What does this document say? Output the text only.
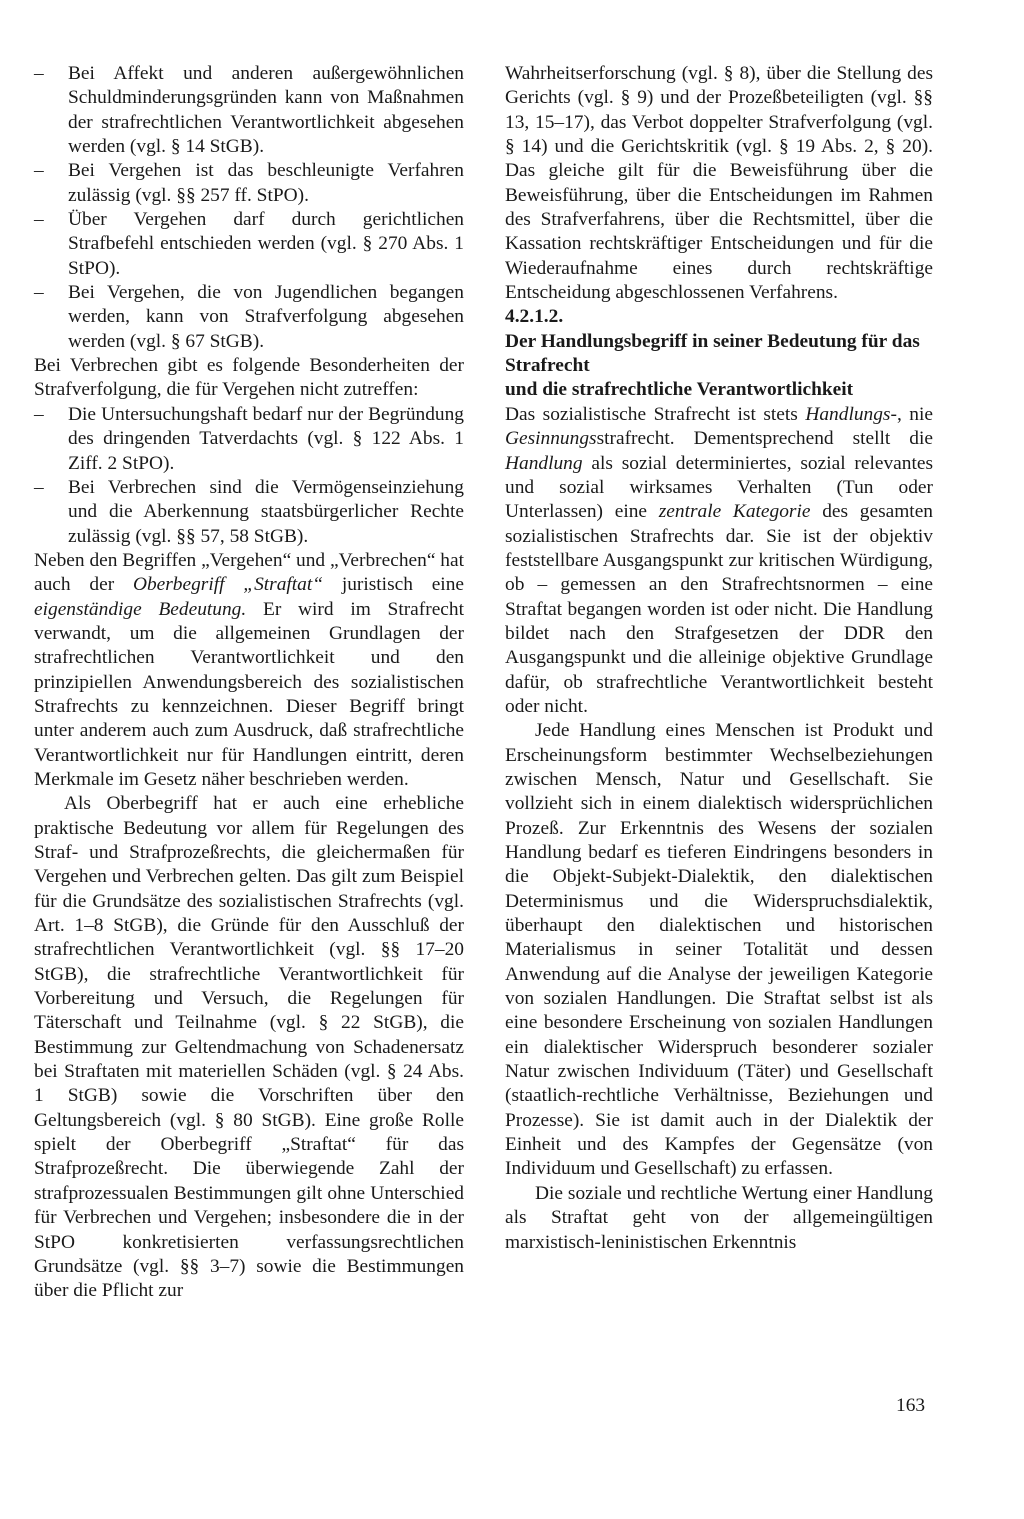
– Bei Affekt und anderen außergewöhnlichen Schuldminderungsgründen kann von Maßnahmen der strafrechtlichen Verantwortlichkeit abgesehen werden (vgl. § 14 StGB).

– Bei Vergehen ist das beschleunigte Verfahren zulässig (vgl. §§ 257 ff. StPO).

– Über Vergehen darf durch gerichtlichen Strafbefehl entschieden werden (vgl. § 270 Abs. 1 StPO).

– Bei Vergehen, die von Jugendlichen begangen werden, kann von Strafverfolgung abgesehen werden (vgl. § 67 StGB).

Bei Verbrechen gibt es folgende Besonderheiten der Strafverfolgung, die für Vergehen nicht zutreffen:

– Die Untersuchungshaft bedarf nur der Begründung des dringenden Tatverdachts (vgl. § 122 Abs. 1 Ziff. 2 StPO).

– Bei Verbrechen sind die Vermögenseinziehung und die Aberkennung staatsbürgerlicher Rechte zulässig (vgl. §§ 57, 58 StGB).

Neben den Begriffen „Vergehen“ und „Verbrechen“ hat auch der Oberbegriff „Straftat“ juristisch eine eigenständige Bedeutung. Er wird im Strafrecht verwandt, um die allgemeinen Grundlagen der strafrechtlichen Verantwortlichkeit und den prinzipiellen Anwendungsbereich des sozialistischen Strafrechts zu kennzeichnen. Dieser Begriff bringt unter anderem auch zum Ausdruck, daß strafrechtliche Verantwortlichkeit nur für Handlungen eintritt, deren Merkmale im Gesetz näher beschrieben werden.

Als Oberbegriff hat er auch eine erhebliche praktische Bedeutung vor allem für Regelungen des Straf- und Strafprozeßrechts, die gleichermaßen für Vergehen und Verbrechen gelten. Das gilt zum Beispiel für die Grundsätze des sozialistischen Strafrechts (vgl. Art. 1–8 StGB), die Gründe für den Ausschluß der strafrechtlichen Verantwortlichkeit (vgl. §§ 17–20 StGB), die strafrechtliche Verantwortlichkeit für Vorbereitung und Versuch, die Regelungen für Täterschaft und Teilnahme (vgl. § 22 StGB), die Bestimmung zur Geltendmachung von Schadenersatz bei Straftaten mit materiellen Schäden (vgl. § 24 Abs. 1 StGB) sowie die Vorschriften über den Geltungsbereich (vgl. § 80 StGB). Eine große Rolle spielt der Oberbegriff „Straftat“ für das Strafprozeßrecht. Die überwiegende Zahl der strafprozessualen Bestimmungen gilt ohne Unterschied für Verbrechen und Vergehen; insbesondere die in der StPO konkretisierten verfassungsrechtlichen Grundsätze (vgl. §§ 3–7) sowie die Bestimmungen über die Pflicht zur

Wahrheitserforschung (vgl. § 8), über die Stellung des Gerichts (vgl. § 9) und der Prozeßbeteiligten (vgl. §§ 13, 15–17), das Verbot doppelter Strafverfolgung (vgl. § 14) und die Gerichtskritik (vgl. § 19 Abs. 2, § 20). Das gleiche gilt für die Beweisführung über die Beweisführung, über die Entscheidungen im Rahmen des Strafverfahrens, über die Rechtsmittel, über die Kassation rechtskräftiger Entscheidungen und für die Wiederaufnahme eines durch rechtskräftige Entscheidung abgeschlossenen Verfahrens.

4.2.1.2.

Der Handlungsbegriff in seiner Bedeutung für das Strafrecht

und die strafrechtliche Verantwortlichkeit

Das sozialistische Strafrecht ist stets Handlungs-, nie Gesinnungsstrafrecht. Dementsprechend stellt die Handlung als sozial determiniertes, sozial relevantes und sozial wirksames Verhalten (Tun oder Unterlassen) eine zentrale Kategorie des gesamten sozialistischen Strafrechts dar. Sie ist der objektiv feststellbare Ausgangspunkt zur kritischen Würdigung, ob – gemessen an den Strafrechtsnormen – eine Straftat begangen worden ist oder nicht. Die Handlung bildet nach den Strafgesetzen der DDR den Ausgangspunkt und die alleinige objektive Grundlage dafür, ob strafrechtliche Verantwortlichkeit besteht oder nicht.

Jede Handlung eines Menschen ist Produkt und Erscheinungsform bestimmter Wechselbeziehungen zwischen Mensch, Natur und Gesellschaft. Sie vollzieht sich in einem dialektisch widersprüchlichen Prozeß. Zur Erkenntnis des Wesens der sozialen Handlung bedarf es tieferen Eindringens besonders in die Objekt-Subjekt-Dialektik, den dialektischen Determinismus und die Widerspruchsdialektik, überhaupt den dialektischen und historischen Materialismus in seiner Totalität und dessen Anwendung auf die Analyse der jeweiligen Kategorie von sozialen Handlungen. Die Straftat selbst ist als eine besondere Erscheinung von sozialen Handlungen ein dialektischer Widerspruch besonderer sozialer Natur zwischen Individuum (Täter) und Gesellschaft (staatlich-rechtliche Verhältnisse, Beziehungen und Prozesse). Sie ist damit auch in der Dialektik der Einheit und des Kampfes der Gegensätze (von Individuum und Gesellschaft) zu erfassen.

Die soziale und rechtliche Wertung einer Handlung als Straftat geht von der allgemeingültigen marxistisch-leninistischen Erkenntnis

163
